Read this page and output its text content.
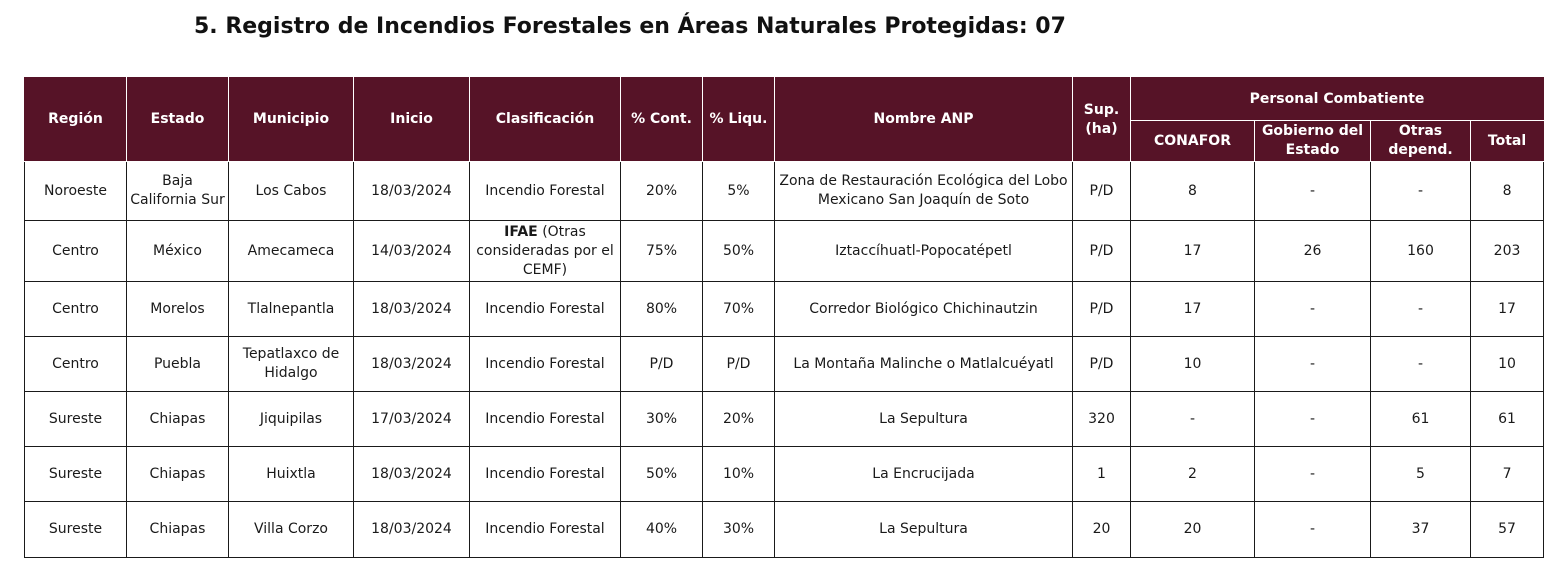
5. Registro de Incendios Forestales en Áreas Naturales Protegidas: 07
Región	Estado	Municipio	Inicio	Clasificación	% Cont.	% Liqu.	Nombre ANP	Sup. (ha)	Personal Combatiente			
									CONAFOR	Gobierno del Estado	Otras depend.	Total
Noroeste	Baja California Sur	Los Cabos	18/03/2024	Incendio Forestal	20%	5%	Zona de Restauración Ecológica del Lobo Mexicano San Joaquín de Soto	P/D	8	-	-	8
Centro	México	Amecameca	14/03/2024	IFAE (Otras consideradas por el CEMF)	75%	50%	Iztaccíhuatl-Popocatépetl	P/D	17	26	160	203
Centro	Morelos	Tlalnepantla	18/03/2024	Incendio Forestal	80%	70%	Corredor Biológico Chichinautzin	P/D	17	-	-	17
Centro	Puebla	Tepatlaxco de Hidalgo	18/03/2024	Incendio Forestal	P/D	P/D	La Montaña Malinche o Matlalcuéyatl	P/D	10	-	-	10
Sureste	Chiapas	Jiquipilas	17/03/2024	Incendio Forestal	30%	20%	La Sepultura	320	-	-	61	61
Sureste	Chiapas	Huixtla	18/03/2024	Incendio Forestal	50%	10%	La Encrucijada	1	2	-	5	7
Sureste	Chiapas	Villa Corzo	18/03/2024	Incendio Forestal	40%	30%	La Sepultura	20	20	-	37	57
